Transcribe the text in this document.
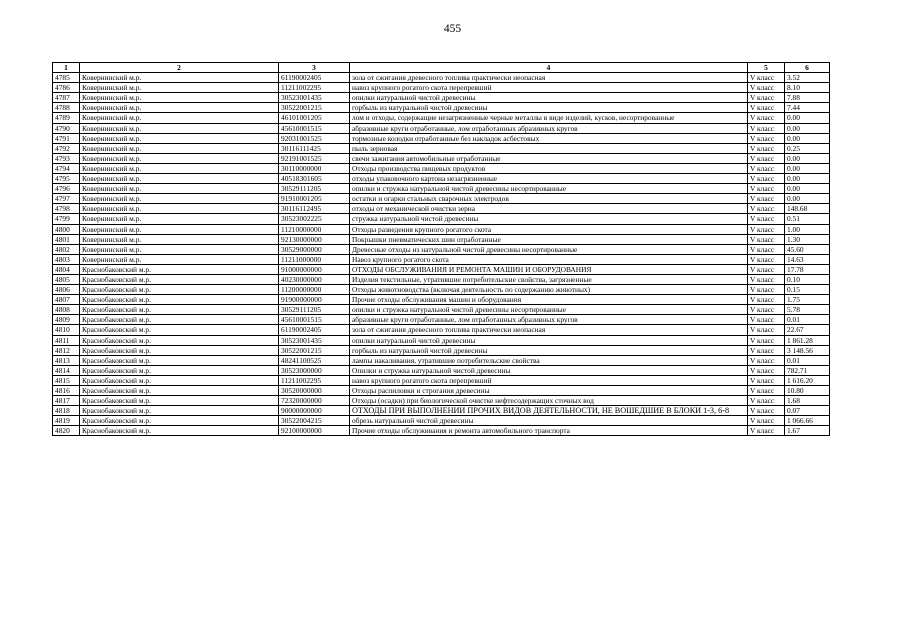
455
1	2	3	4	5	6
4785	Ковернинский м.р.	61190002405	зола от сжигания древесного топлива практически неопасная	V класс	3.52
4786	Ковернинский м.р.	11211002295	навоз крупного рогатого скота перепревший	V класс	8.10
4787	Ковернинский м.р.	30523001435	опилки натуральной чистой древесины	V класс	7.88
4788	Ковернинский м.р.	30522001215	горбыль из натуральной чистой древесины	V класс	7.44
4789	Ковернинский м.р.	46101001205	лом и отходы, содержащие незагрязненные черные металлы в виде изделий, кусков, несортированные	V класс	0.00
4790	Ковернинский м.р.	45610001515	абразивные круги отработанные, лом отработанных абразивных кругов	V класс	0.00
4791	Ковернинский м.р.	92031001525	тормозные колодки отработанные без накладок асбестовых	V класс	0.00
4792	Ковернинский м.р.	30116111425	пыль зерновая	V класс	0.25
4793	Ковернинский м.р.	92191001525	свечи зажигания автомобильные отработанные	V класс	0.00
4794	Ковернинский м.р.	30110000000	Отходы производства пищевых продуктов	V класс	0.00
4795	Ковернинский м.р.	40518301605	отходы упаковочного картона незагрязненные	V класс	0.00
4796	Ковернинский м.р.	30529111205	опилки и стружка натуральной чистой древесины несортированные	V класс	0.00
4797	Ковернинский м.р.	91910001205	остатки и огарки стальных сварочных электродов	V класс	0.00
4798	Ковернинский м.р.	30116112495	отходы от механической очистки зерна	V класс	148.68
4799	Ковернинский м.р.	30523002225	стружка натуральной чистой древесины	V класс	0.51
4800	Ковернинский м.р.	11210000000	Отходы разведения крупного рогатого скота	V класс	1.00
4801	Ковернинский м.р.	92130000000	Покрышки пневматических шин отработанные	V класс	1.30
4802	Ковернинский м.р.	30529000000	Древесные отходы из натуральной чистой древесины несортированные	V класс	45.60
4803	Ковернинский м.р.	11211000000	Навоз крупного рогатого скота	V класс	14.63
4804	Краснобаковский м.р.	91000000000	ОТХОДЫ ОБСЛУЖИВАНИЯ И РЕМОНТА МАШИН И ОБОРУДОВАНИЯ	V класс	17.78
4805	Краснобаковский м.р.	40230000000	Изделия текстильные, утратившие потребительские свойства, загрязненные	V класс	0.10
4806	Краснобаковский м.р.	11200000000	Отходы животноводства (включая деятельность по содержанию животных)	V класс	0.15
4807	Краснобаковский м.р.	91900000000	Прочие отходы обслуживания машин и оборудования	V класс	1.75
4808	Краснобаковский м.р.	30529111205	опилки и стружка натуральной чистой древесины несортированные	V класс	5.78
4809	Краснобаковский м.р.	45610001515	абразивные круги отработанные, лом отработанных абразивных кругов	V класс	0.01
4810	Краснобаковский м.р.	61190002405	зола от сжигания древесного топлива практически неопасная	V класс	22.67
4811	Краснобаковский м.р.	30523001435	опилки натуральной чистой древесины	V класс	1 861.28
4812	Краснобаковский м.р.	30522001215	горбыль из натуральной чистой древесины	V класс	3 148.56
4813	Краснобаковский м.р.	48241100525	лампы накаливания, утратившие потребительские свойства	V класс	0.01
4814	Краснобаковский м.р.	30523000000	Опилки и стружка натуральной чистой древесины	V класс	782.71
4815	Краснобаковский м.р.	11211002295	навоз крупного рогатого скота перепревший	V класс	1 616.20
4816	Краснобаковский м.р.	30520000000	Отходы распиловки и строгания древесины	V класс	10.80
4817	Краснобаковский м.р.	72320000000	Отходы (осадки) при биологической очистке нефтесодержащих сточных вод	V класс	1.68
4818	Краснобаковский м.р.	90000000000	ОТХОДЫ ПРИ ВЫПОЛНЕНИИ ПРОЧИХ ВИДОВ ДЕЯТЕЛЬНОСТИ, НЕ ВОШЕДШИЕ В БЛОКИ 1-3, 6-8	V класс	0.07
4819	Краснобаковский м.р.	30522004215	обрезь натуральной чистой древесины	V класс	1 066.66
4820	Краснобаковский м.р.	92100000000	Прочие отходы обслуживания и ремонта автомобильного транспорта	V класс	1.67
